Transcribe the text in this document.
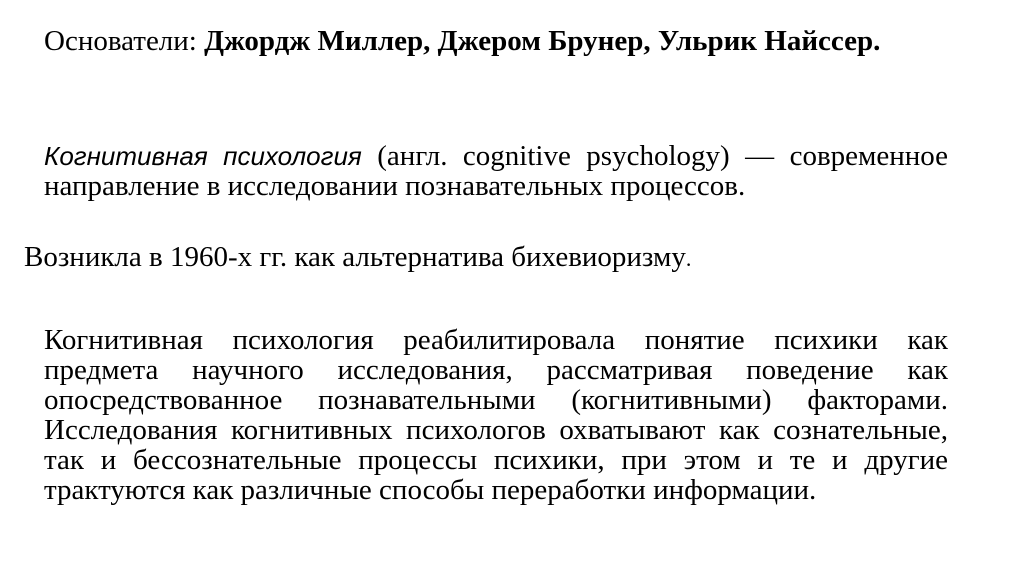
Основатели: Джордж Миллер, Джером Брунер, Ульрик Найссер.

Когнитивная психология (англ. cognitive psychology) — современное направление в исследовании познавательных процессов.

Возникла в 1960-х гг. как альтернатива бихевиоризму.

Когнитивная психология реабилитировала понятие психики как предмета научного исследования, рассматривая поведение как опосредствованное познавательными (когнитивными) факторами. Исследования когнитивных психологов охватывают как сознательные, так и бессознательные процессы психики, при этом и те и другие трактуются как различные способы переработки информации.
